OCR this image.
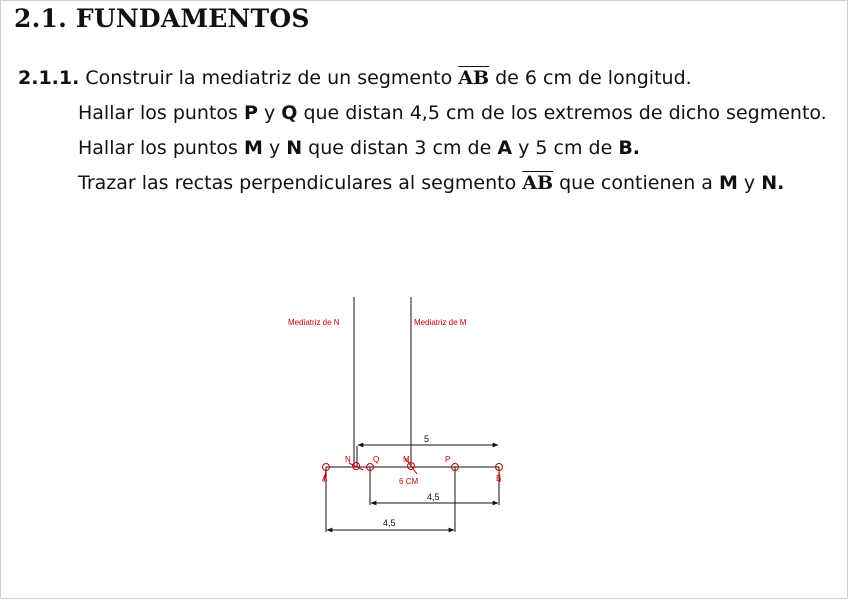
2.1. FUNDAMENTOS
2.1.1. Construir la mediatriz de un segmento $\overline{AB}$ de 6 cm de longitud.
Hallar los puntos P y Q que distan 4,5 cm de los extremos de dicho segmento.
Hallar los puntos M y N que distan 3 cm de A y 5 cm de B.
Trazar las rectas perpendiculares al segmento $\overline{AB}$ que contienen a M y N.
Mediatriz de N	Mediatriz de M
5
4,5
4,5
N	Q	M	P
A	B
6 CM
